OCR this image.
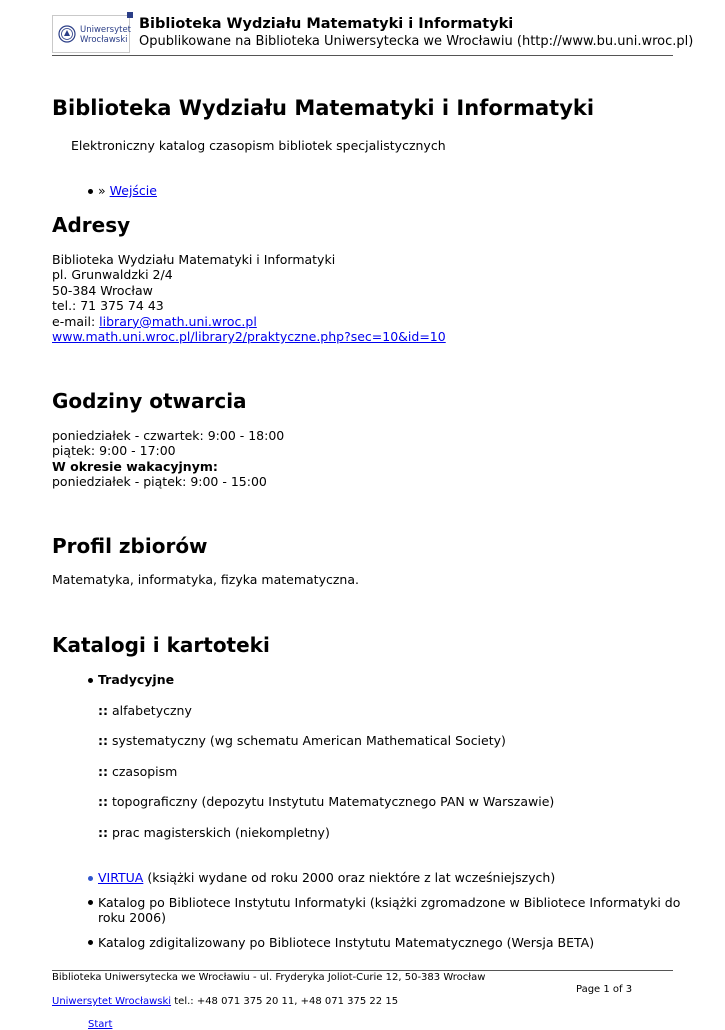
Uniwersytet
Wrocławski
Biblioteka Wydziału Matematyki i Informatyki
Opublikowane na Biblioteka Uniwersytecka we Wrocławiu (http://www.bu.uni.wroc.pl)
Biblioteka Wydziału Matematyki i Informatyki
Elektroniczny katalog czasopism bibliotek specjalistycznych
» Wejście
Adresy
Biblioteka Wydziału Matematyki i Informatyki
pl. Grunwaldzki 2/4
50-384 Wrocław
tel.: 71 375 74 43
e-mail: library@math.uni.wroc.pl
www.math.uni.wroc.pl/library2/praktyczne.php?sec=10&id=10
Godziny otwarcia
poniedziałek - czwartek: 9:00 - 18:00
piątek: 9:00 - 17:00
W okresie wakacyjnym:
poniedziałek - piątek: 9:00 - 15:00
Profil zbiorów
Matematyka, informatyka, fizyka matematyczna.
Katalogi i kartoteki
Tradycyjne
:: alfabetyczny
:: systematyczny (wg schematu American Mathematical Society)
:: czasopism
:: topograficzny (depozytu Instytutu Matematycznego PAN w Warszawie)
:: prac magisterskich (niekompletny)
VIRTUA (książki wydane od roku 2000 oraz niektóre z lat wcześniejszych)
Katalog po Bibliotece Instytutu Informatyki (książki zgromadzone w Bibliotece Informatyki do
roku 2006)
Katalog zdigitalizowany po Bibliotece Instytutu Matematycznego (Wersja BETA)
Biblioteka Uniwersytecka we Wrocławiu - ul. Fryderyka Joliot-Curie 12, 50-383 Wrocław
Page 1 of 3
Uniwersytet Wrocławski tel.: +48 071 375 20 11, +48 071 375 22 15
Start
